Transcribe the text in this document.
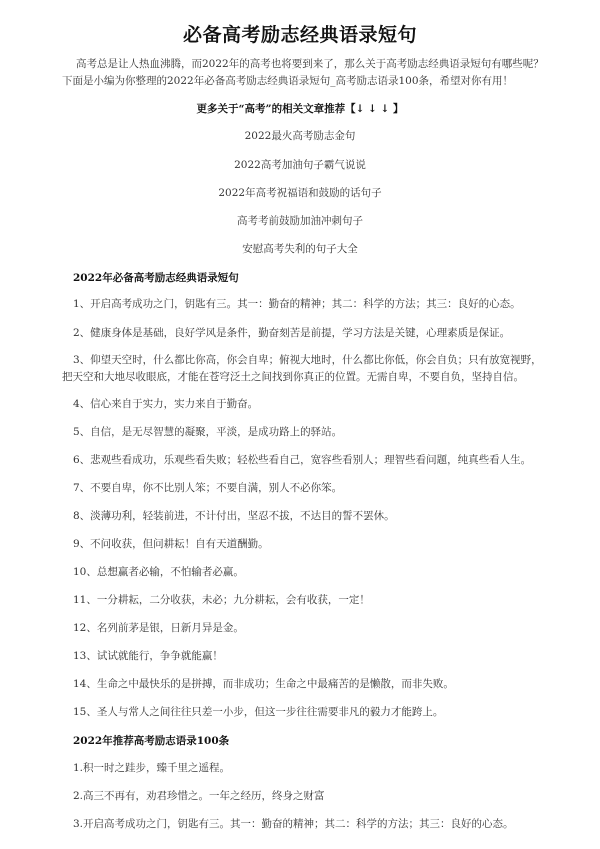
必备高考励志经典语录短句

高考总是让人热血沸腾，而2022年的高考也将要到来了，那么关于高考励志经典语录短句有哪些呢？下面是小编为你整理的2022年必备高考励志经典语录短句_高考励志语录100条，希望对你有用！

更多关于“高考”的相关文章推荐【↓ ↓ ↓ 】
2022最火高考励志金句
2022高考加油句子霸气说说
2022年高考祝福语和鼓励的话句子
高考考前鼓励加油冲刺句子
安慰高考失利的句子大全
2022年必备高考励志经典语录短句
1、开启高考成功之门，钥匙有三。其一：勤奋的精神；其二：科学的方法；其三：良好的心态。
2、健康身体是基础，良好学风是条件，勤奋刻苦是前提，学习方法是关键，心理素质是保证。
3、仰望天空时，什么都比你高，你会自卑；俯视大地时，什么都比你低，你会自负；只有放宽视野，把天空和大地尽收眼底，才能在苍穹泛土之间找到你真正的位置。无需自卑，不要自负，坚持自信。
4、信心来自于实力，实力来自于勤奋。
5、自信，是无尽智慧的凝聚，平淡，是成功路上的驿站。
6、悲观些看成功，乐观些看失败；轻松些看自己，宽容些看别人；理智些看问题，纯真些看人生。
7、不要自卑，你不比别人笨；不要自满，别人不必你笨。
8、淡薄功利，轻装前进，不计付出，坚忍不拔，不达目的誓不罢休。
9、不问收获，但问耕耘！自有天道酬勤。
10、总想赢者必输，不怕输者必赢。
11、一分耕耘，二分收获，未必；九分耕耘，会有收获，一定！
12、名列前茅是银，日新月异是金。
13、试试就能行，争争就能赢！
14、生命之中最快乐的是拼搏，而非成功；生命之中最痛苦的是懒散，而非失败。
15、圣人与常人之间往往只差一小步，但这一步往往需要非凡的毅力才能跨上。
2022年推荐高考励志语录100条
1.积一时之跬步，臻千里之遥程。
2.高三不再有，劝君珍惜之。一年之经历，终身之财富
3.开启高考成功之门，钥匙有三。其一：勤奋的精神；其二：科学的方法；其三：良好的心态。
